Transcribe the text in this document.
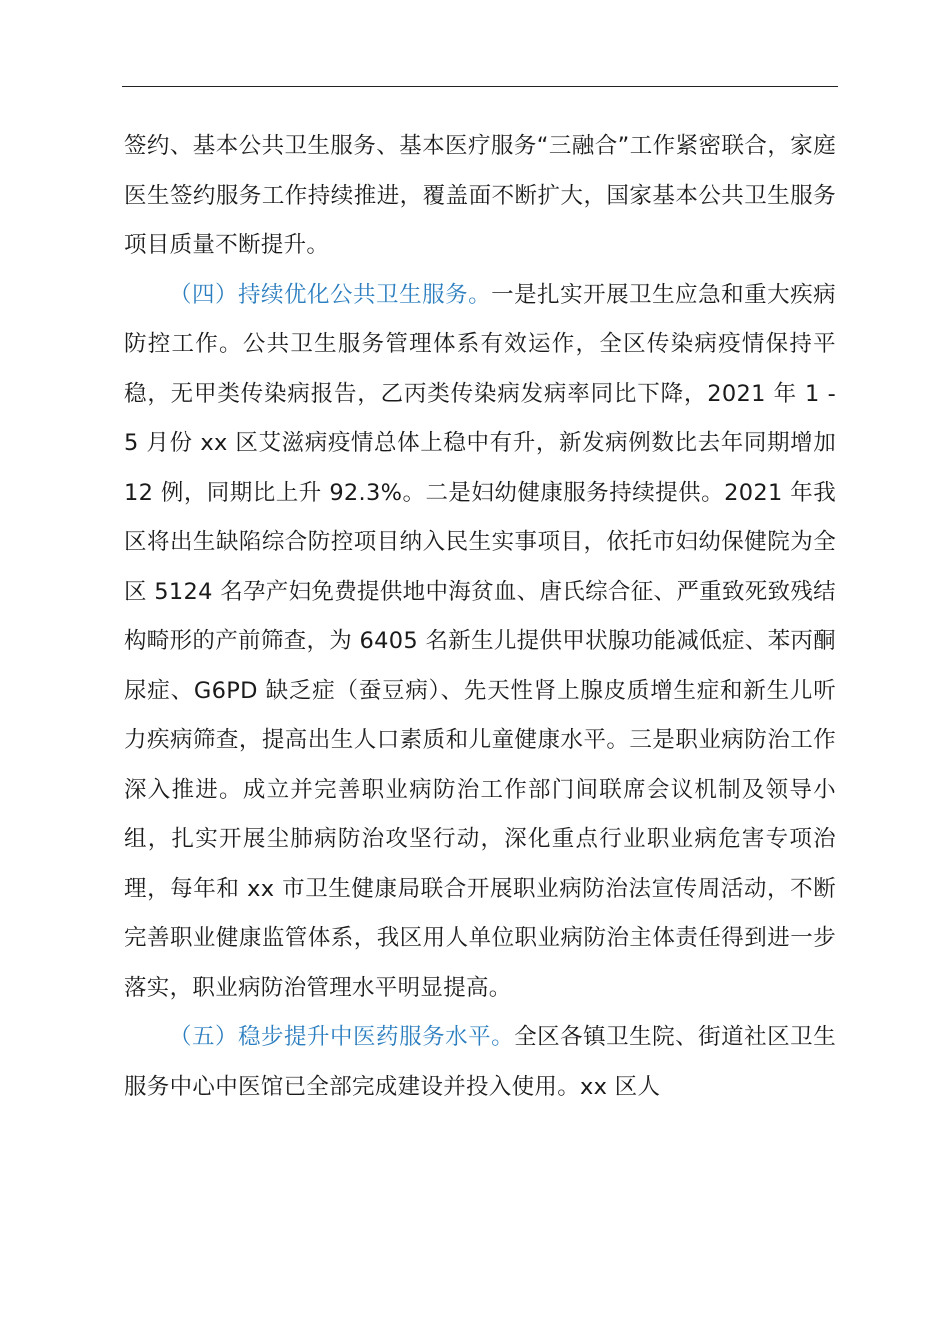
签约、基本公共卫生服务、基本医疗服务“三融合”工作紧密联合，家庭医生签约服务工作持续推进，覆盖面不断扩大，国家基本公共卫生服务项目质量不断提升。

（四）持续优化公共卫生服务。一是扎实开展卫生应急和重大疾病防控工作。公共卫生服务管理体系有效运作，全区传染病疫情保持平稳，无甲类传染病报告，乙丙类传染病发病率同比下降，2021 年 1 - 5 月份 xx 区艾滋病疫情总体上稳中有升，新发病例数比去年同期增加 12 例，同期比上升 92.3%。二是妇幼健康服务持续提供。2021 年我区将出生缺陷综合防控项目纳入民生实事项目，依托市妇幼保健院为全区 5124 名孕产妇免费提供地中海贫血、唐氏综合征、严重致死致残结构畸形的产前筛查，为 6405 名新生儿提供甲状腺功能减低症、苯丙酮尿症、G6PD 缺乏症（蚕豆病）、先天性肾上腺皮质增生症和新生儿听力疾病筛查，提高出生人口素质和儿童健康水平。三是职业病防治工作深入推进。成立并完善职业病防治工作部门间联席会议机制及领导小组，扎实开展尘肺病防治攻坚行动，深化重点行业职业病危害专项治理，每年和 xx 市卫生健康局联合开展职业病防治法宣传周活动，不断完善职业健康监管体系，我区用人单位职业病防治主体责任得到进一步落实，职业病防治管理水平明显提高。

（五）稳步提升中医药服务水平。全区各镇卫生院、街道社区卫生服务中心中医馆已全部完成建设并投入使用。xx 区人
